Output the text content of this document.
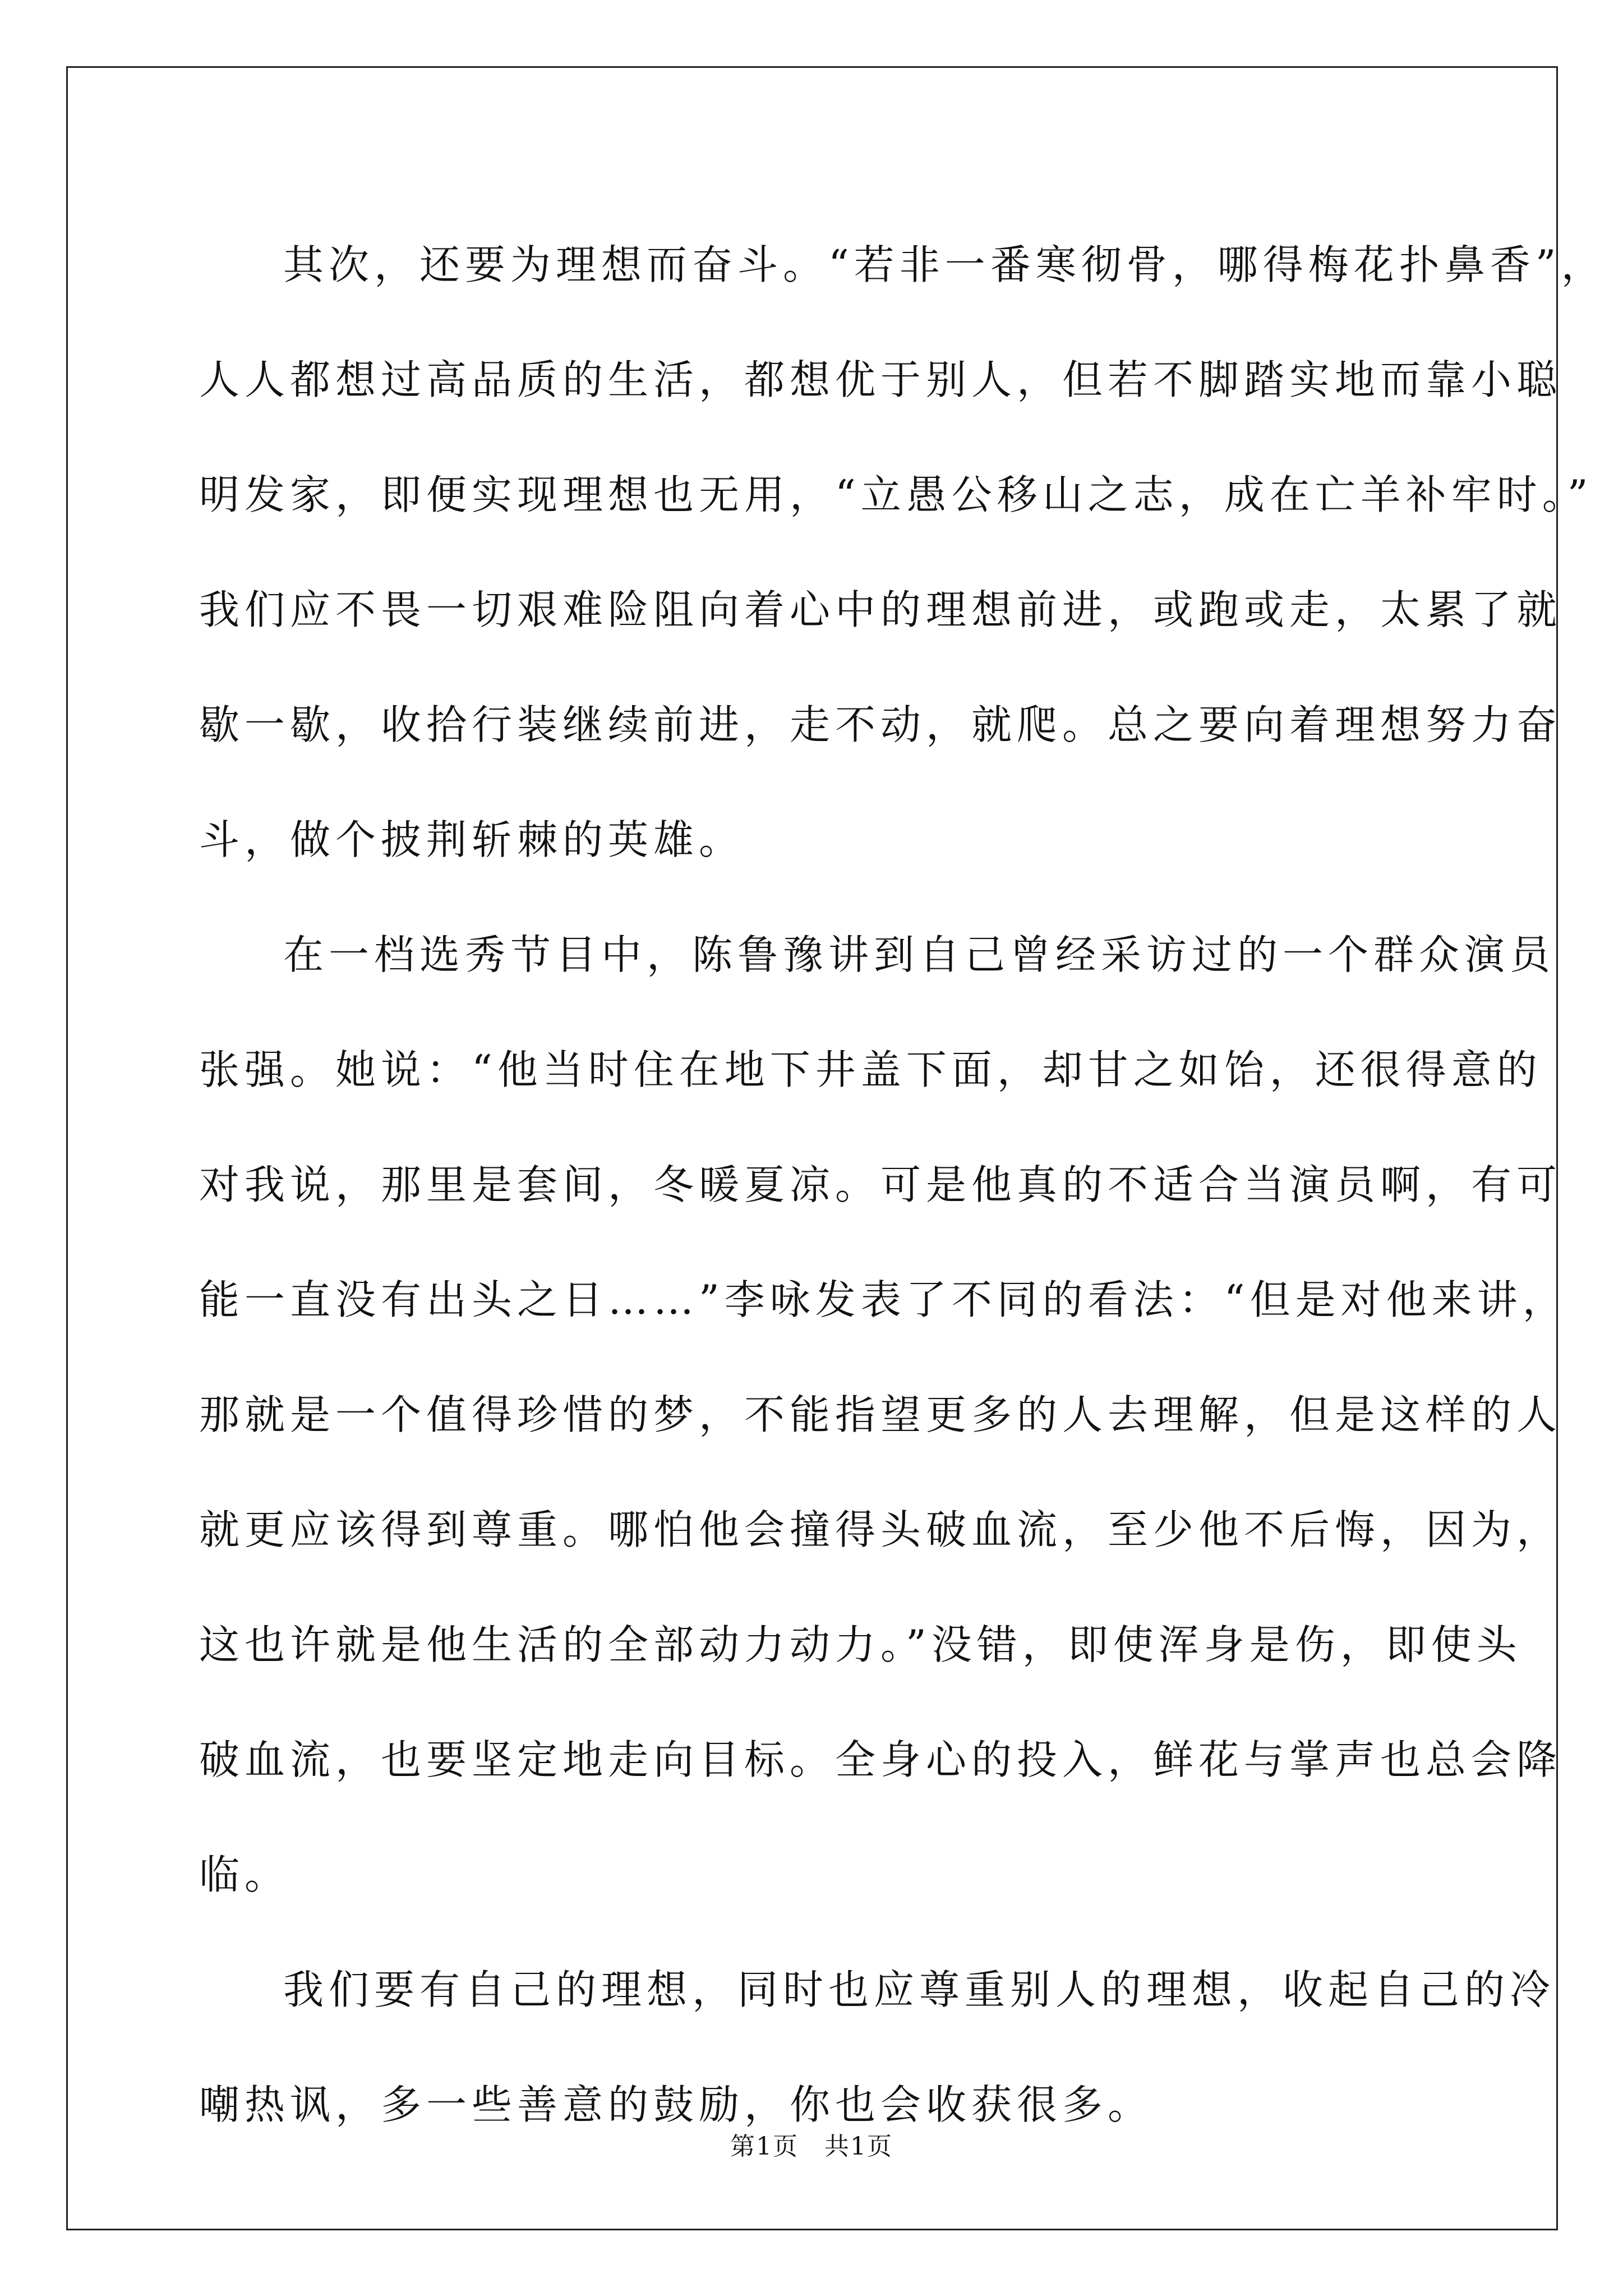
其次，还要为理想而奋斗。“若非一番寒彻骨，哪得梅花扑鼻香”，
人人都想过高品质的生活，都想优于别人，但若不脚踏实地而靠小聪
明发家，即便实现理想也无用，“立愚公移山之志，成在亡羊补牢时。”
我们应不畏一切艰难险阻向着心中的理想前进，或跑或走，太累了就
歇一歇，收拾行装继续前进，走不动，就爬。总之要向着理想努力奋
斗，做个披荆斩棘的英雄。
在一档选秀节目中，陈鲁豫讲到自己曾经采访过的一个群众演员
张强。她说：“他当时住在地下井盖下面，却甘之如饴，还很得意的
对我说，那里是套间，冬暖夏凉。可是他真的不适合当演员啊，有可
能一直没有出头之日……”李咏发表了不同的看法：“但是对他来讲，
那就是一个值得珍惜的梦，不能指望更多的人去理解，但是这样的人
就更应该得到尊重。哪怕他会撞得头破血流，至少他不后悔，因为，
这也许就是他生活的全部动力动力。”没错，即使浑身是伤，即使头
破血流，也要坚定地走向目标。全身心的投入，鲜花与掌声也总会降
临。
我们要有自己的理想，同时也应尊重别人的理想，收起自己的冷
嘲热讽，多一些善意的鼓励，你也会收获很多。
第1页　共1页
